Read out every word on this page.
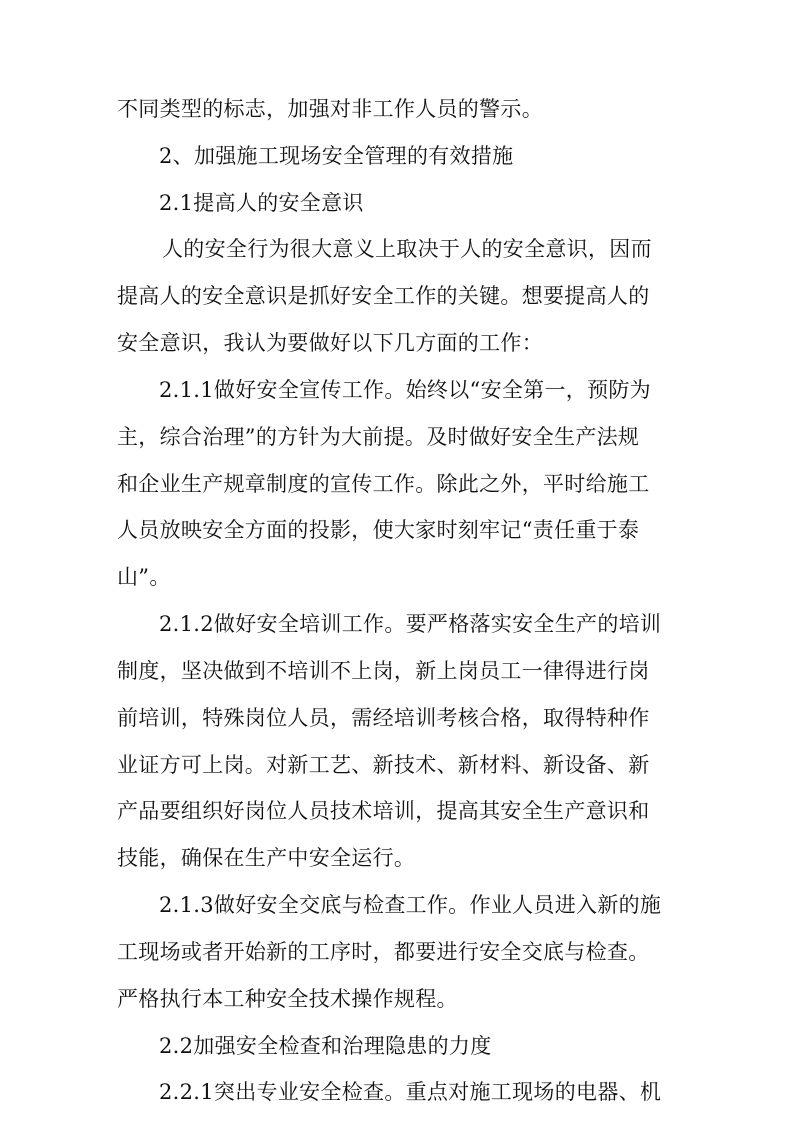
不同类型的标志，加强对非工作人员的警示。
2、加强施工现场安全管理的有效措施
2.1提高人的安全意识
人的安全行为很大意义上取决于人的安全意识，因而
提高人的安全意识是抓好安全工作的关键。想要提高人的
安全意识，我认为要做好以下几方面的工作：
2.1.1做好安全宣传工作。始终以“安全第一，预防为
主，综合治理”的方针为大前提。及时做好安全生产法规
和企业生产规章制度的宣传工作。除此之外，平时给施工
人员放映安全方面的投影，使大家时刻牢记“责任重于泰
山”。
2.1.2做好安全培训工作。要严格落实安全生产的培训
制度，坚决做到不培训不上岗，新上岗员工一律得进行岗
前培训，特殊岗位人员，需经培训考核合格，取得特种作
业证方可上岗。对新工艺、新技术、新材料、新设备、新
产品要组织好岗位人员技术培训，提高其安全生产意识和
技能，确保在生产中安全运行。
2.1.3做好安全交底与检查工作。作业人员进入新的施
工现场或者开始新的工序时，都要进行安全交底与检查。
严格执行本工种安全技术操作规程。
2.2加强安全检查和治理隐患的力度
2.2.1突出专业安全检查。重点对施工现场的电器、机
